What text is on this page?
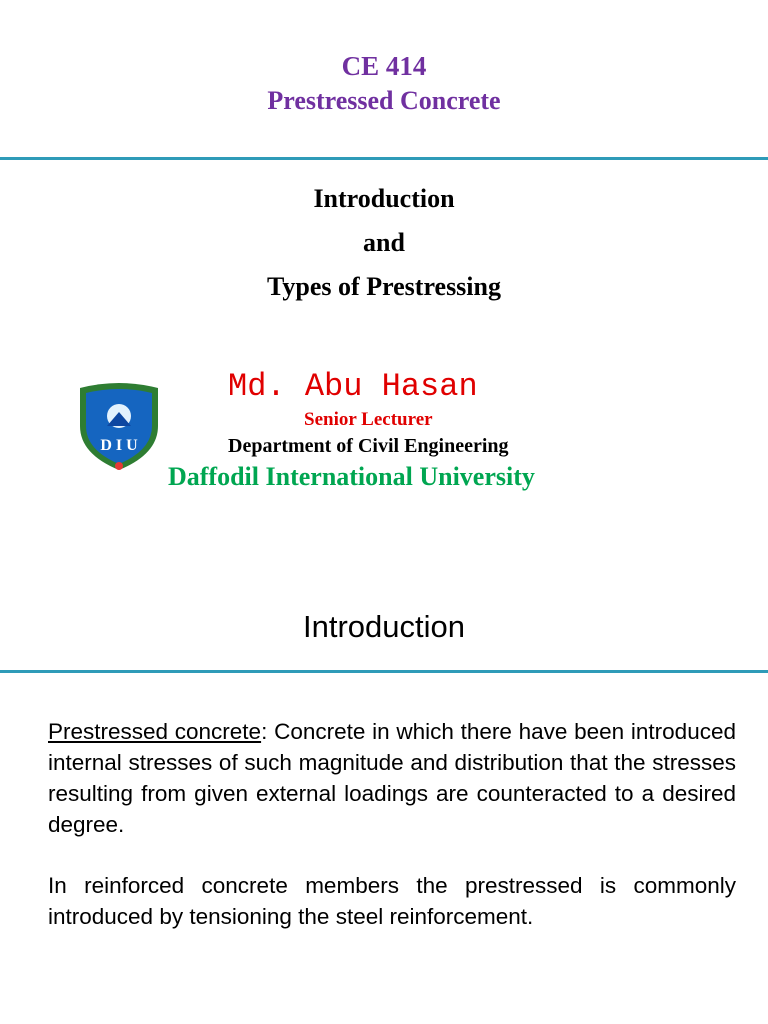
CE 414
Prestressed Concrete
Introduction
and
Types of Prestressing
D I U
Md. Abu Hasan
Senior Lecturer
Department of Civil Engineering
Daffodil International University
Introduction

Prestressed concrete: Concrete in which there have been introduced internal stresses of such magnitude and distribution that the stresses resulting from given external loadings are counteracted to a desired degree.

In reinforced concrete members the prestressed is commonly introduced by tensioning the steel reinforcement.
